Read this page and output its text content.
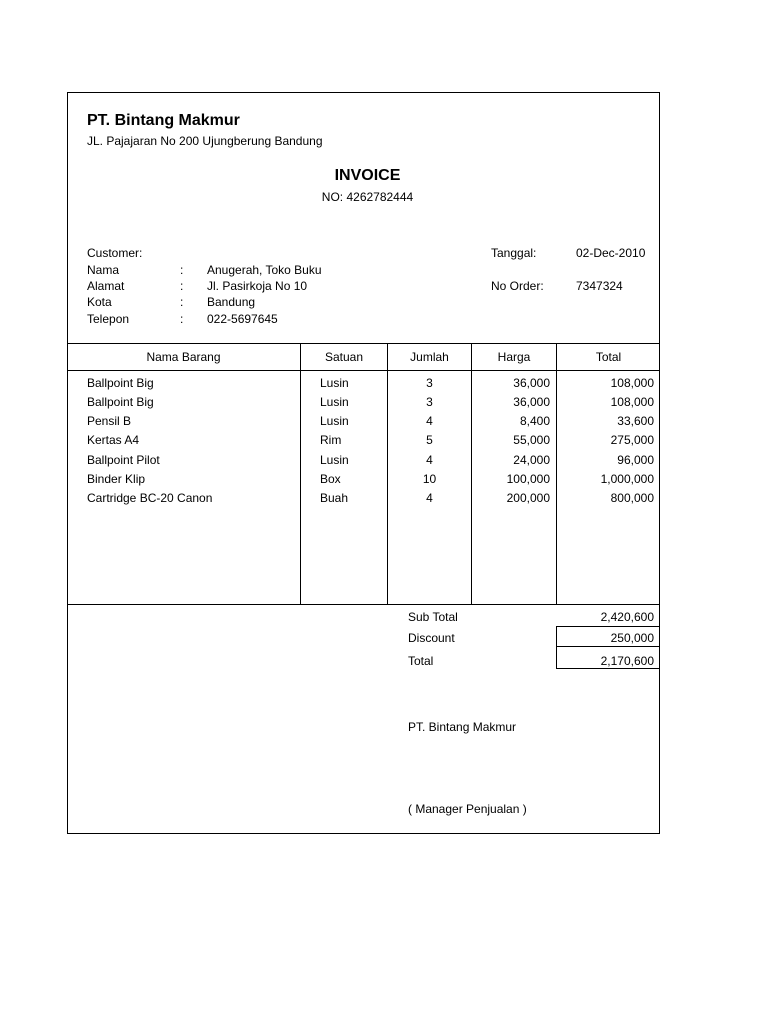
PT. Bintang Makmur
JL. Pajajaran No 200 Ujungberung Bandung
INVOICE
NO: 4262782444
Customer:
Nama	: Anugerah, Toko Buku
Alamat	: Jl. Pasirkoja No 10
Kota	: Bandung
Telepon	: 022-5697645
Tanggal:	02-Dec-2010
No Order:	7347324
Nama Barang	Satuan	Jumlah	Harga	Total
Ballpoint Big	Lusin	3	36,000	108,000
Ballpoint Big	Lusin	3	36,000	108,000
Pensil B	Lusin	4	8,400	33,600
Kertas A4	Rim	5	55,000	275,000
Ballpoint Pilot	Lusin	4	24,000	96,000
Binder Klip	Box	10	100,000	1,000,000
Cartridge BC-20 Canon	Buah	4	200,000	800,000
Sub Total	2,420,600
Discount	250,000
Total	2,170,600
PT. Bintang Makmur
( Manager Penjualan )
